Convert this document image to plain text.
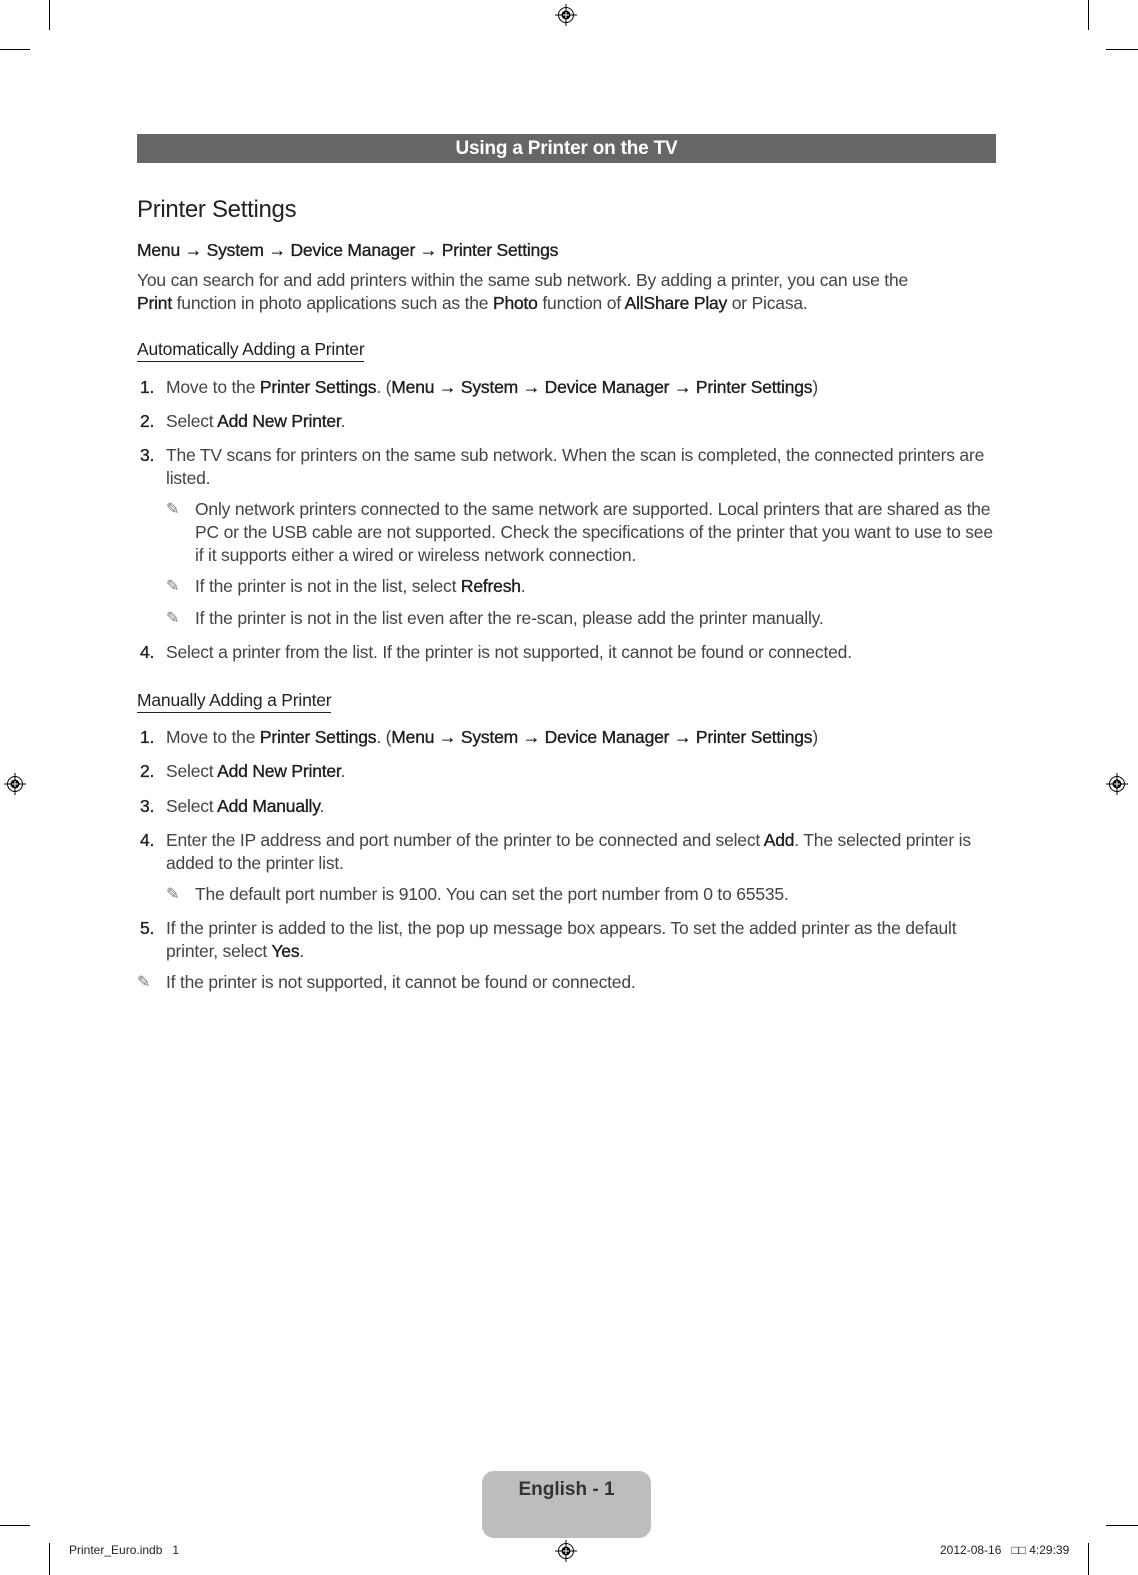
Using a Printer on the TV
Printer Settings
Menu → System → Device Manager → Printer Settings
You can search for and add printers within the same sub network. By adding a printer, you can use the
Print function in photo applications such as the Photo function of AllShare Play or Picasa.
Automatically Adding a Printer
1. Move to the Printer Settings. (Menu → System → Device Manager → Printer Settings)
2. Select Add New Printer.
3. The TV scans for printers on the same sub network. When the scan is completed, the connected printers are listed.
✎ Only network printers connected to the same network are supported. Local printers that are shared as the PC or the USB cable are not supported. Check the specifications of the printer that you want to use to see if it supports either a wired or wireless network connection.
✎ If the printer is not in the list, select Refresh.
✎ If the printer is not in the list even after the re-scan, please add the printer manually.
4. Select a printer from the list. If the printer is not supported, it cannot be found or connected.
Manually Adding a Printer
1. Move to the Printer Settings. (Menu → System → Device Manager → Printer Settings)
2. Select Add New Printer.
3. Select Add Manually.
4. Enter the IP address and port number of the printer to be connected and select Add. The selected printer is added to the printer list.
✎ The default port number is 9100. You can set the port number from 0 to 65535.
5. If the printer is added to the list, the pop up message box appears. To set the added printer as the default printer, select Yes.
✎ If the printer is not supported, it cannot be found or connected.
English - 1
Printer_Euro.indb   1	2012-08-16   □□ 4:29:39
